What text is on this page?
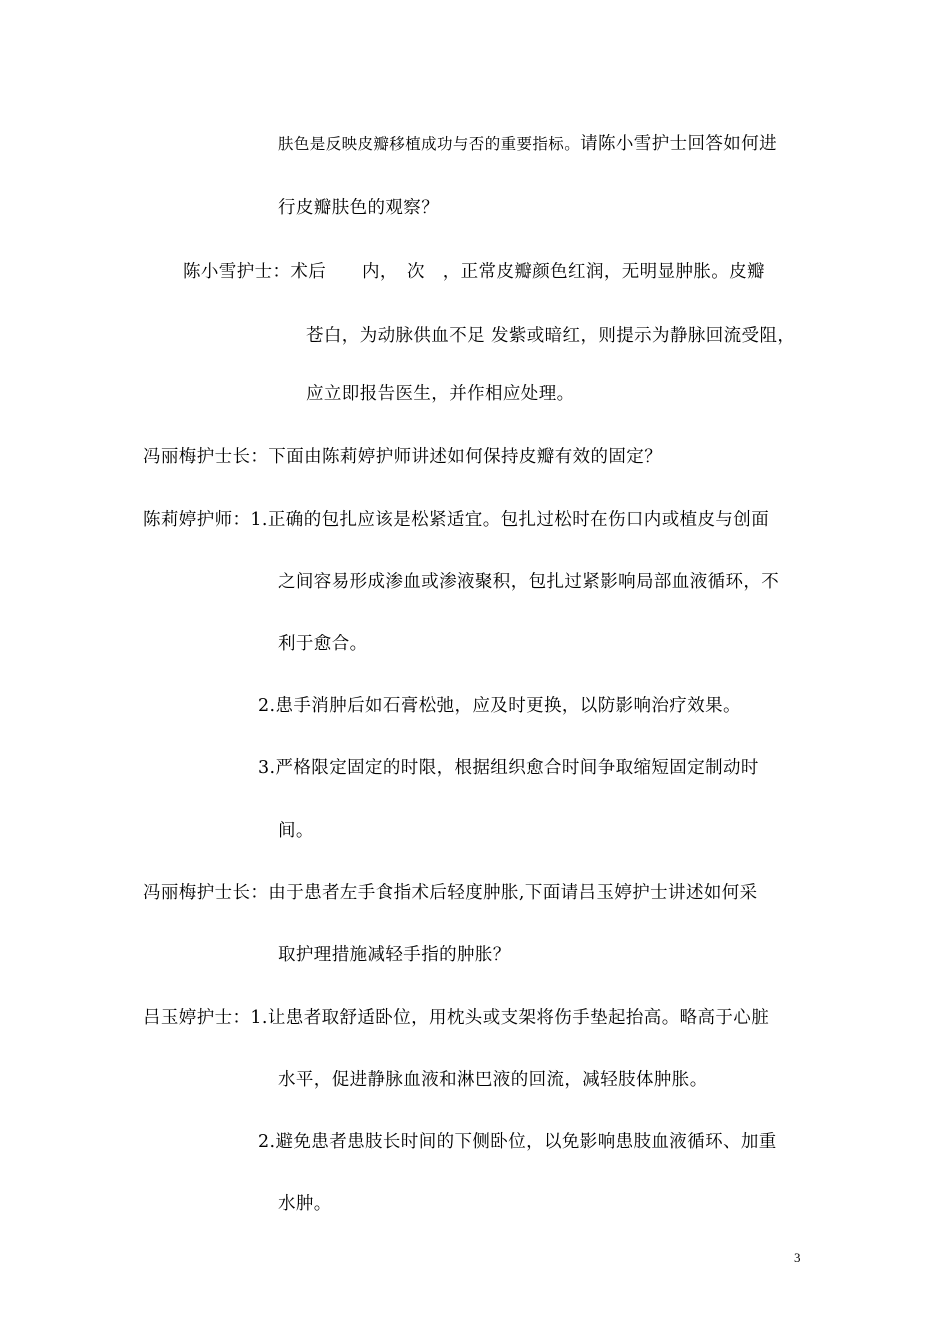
肤色是反映皮瓣移植成功与否的重要指标。请陈小雪护士回答如何进
行皮瓣肤色的观察？
陈小雪护士：术后　　内，　次　，正常皮瓣颜色红润，无明显肿胀。皮瓣
苍白，为动脉供血不足 发紫或暗红，则提示为静脉回流受阻，
应立即报告医生，并作相应处理。
冯丽梅护士长：下面由陈莉婷护师讲述如何保持皮瓣有效的固定？
陈莉婷护师：1.正确的包扎应该是松紧适宜。包扎过松时在伤口内或植皮与创面
之间容易形成渗血或渗液聚积，包扎过紧影响局部血液循环，不
利于愈合。
2.患手消肿后如石膏松弛，应及时更换，以防影响治疗效果。
3.严格限定固定的时限，根据组织愈合时间争取缩短固定制动时
间。
冯丽梅护士长：由于患者左手食指术后轻度肿胀,下面请吕玉婷护士讲述如何采
取护理措施减轻手指的肿胀？
吕玉婷护士：1.让患者取舒适卧位，用枕头或支架将伤手垫起抬高。略高于心脏
水平，促进静脉血液和淋巴液的回流，减轻肢体肿胀。
2.避免患者患肢长时间的下侧卧位，以免影响患肢血液循环、加重
水肿。
3
